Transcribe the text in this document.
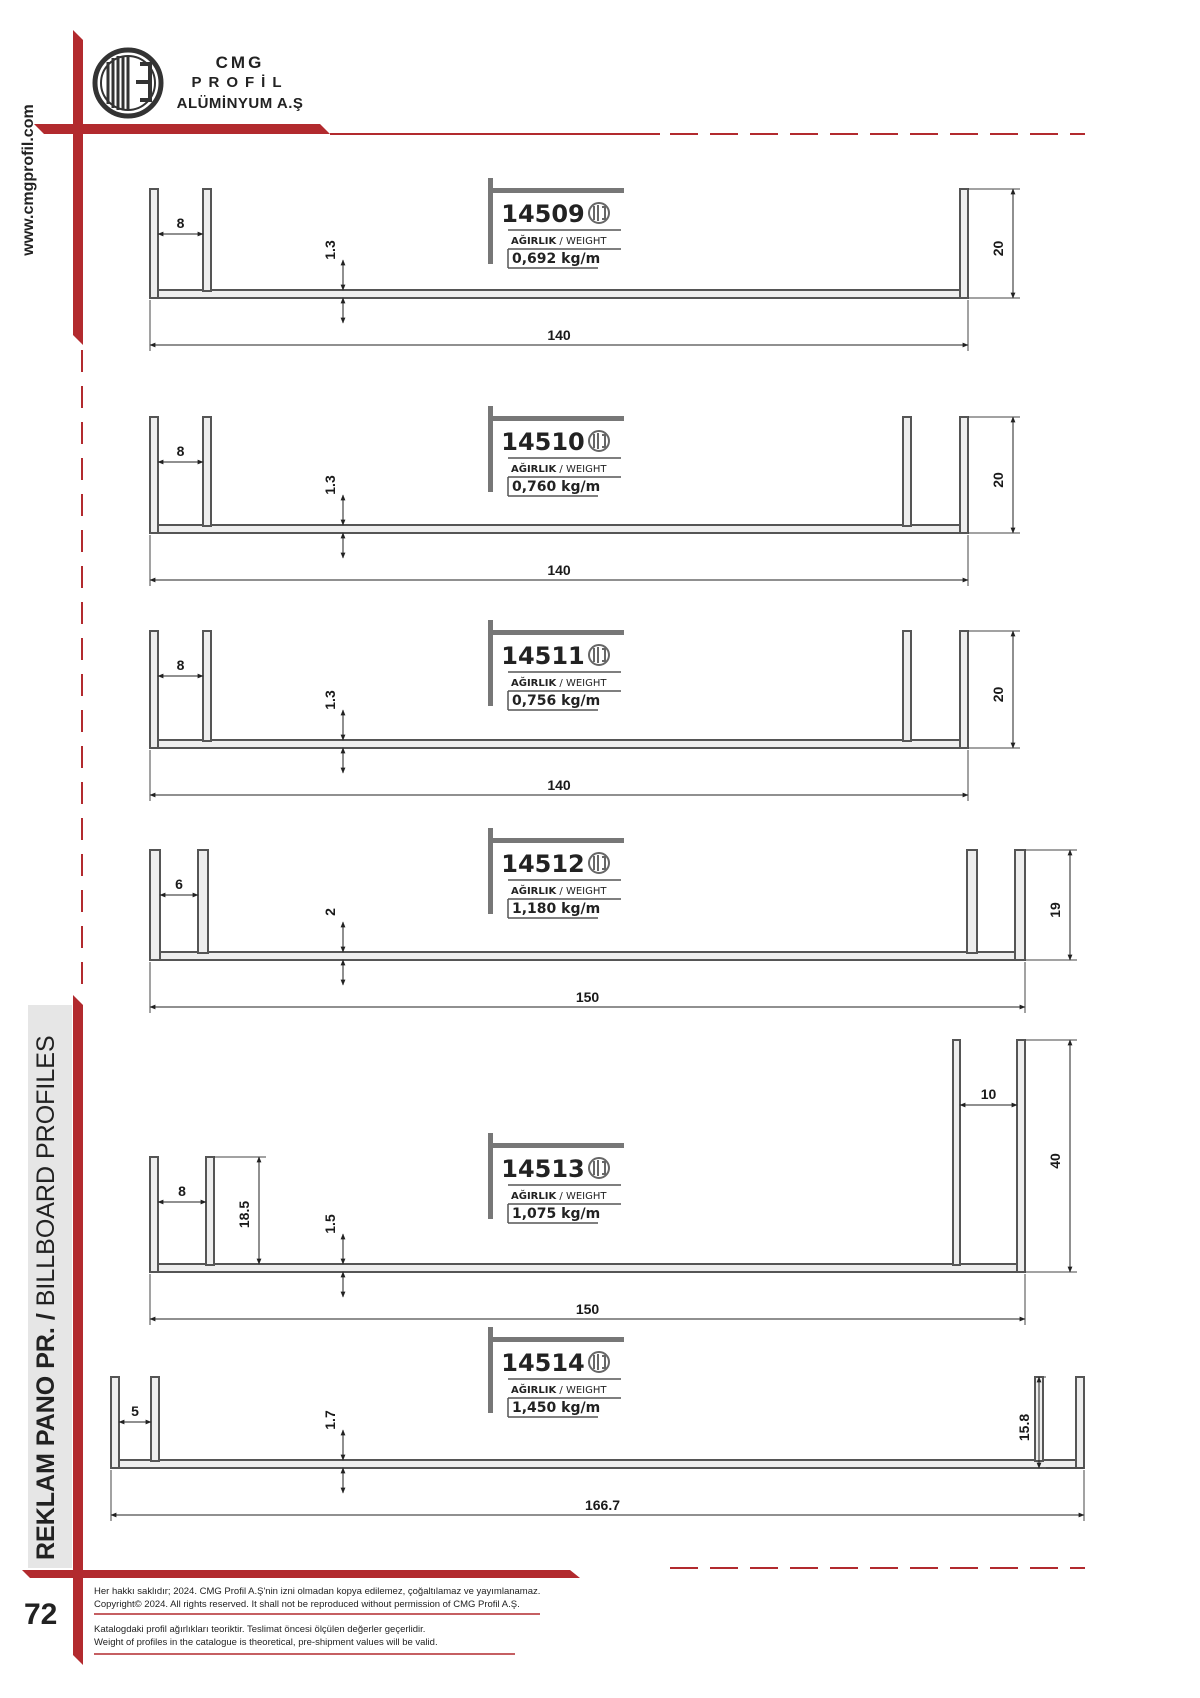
140
20
1.3
8	14509
AĞIRLIK / WEIGHT
0,692 kg/m
140
20
1.3
8	14510
AĞIRLIK / WEIGHT
0,760 kg/m
140
20
1.3
8	14511
AĞIRLIK / WEIGHT
0,756 kg/m
150
19
2
6
14512
AĞIRLIK / WEIGHT
1,180 kg/m
150
40
1.5
8
18.5
10
14513
AĞIRLIK / WEIGHT
1,075 kg/m
166.7
15.8
1.7
5
14514
AĞIRLIK / WEIGHT
1,450 kg/m
CMG
PROFİL
ALÜMİNYUM A.Ş
www.cmgprofil.com
REKLAM PANO PR. / BILLBOARD PROFILES
72
Her hakkı saklıdır; 2024. CMG Profil A.Ş'nin izni olmadan kopya edilemez, çoğaltılamaz ve yayımlanamaz.
Copyright© 2024. All rights reserved. It shall not be reproduced without permission of CMG Profil A.Ş.
Katalogdaki profil ağırlıkları teoriktir. Teslimat öncesi ölçülen değerler geçerlidir.
Weight of profiles in the catalogue is theoretical, pre-shipment values will be valid.
